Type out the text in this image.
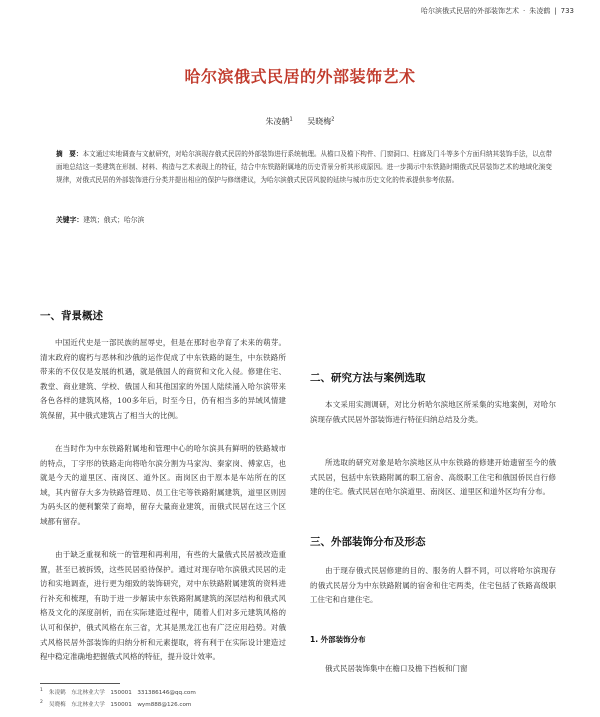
哈尔滨俄式民居的外部装饰艺术 · 朱凌鹤 | 733
哈尔滨俄式民居的外部装饰艺术
朱凌鹤$^1$ 吴晓梅$^2$
摘　要：本文通过实地调查与文献研究，对哈尔滨现存俄式民居的外部装饰进行系统梳理。从檐口及檐下构件、门窗洞口、柱廊及门斗等多个方面归纳其装饰手法，以点带面地总结这一类建筑在形制、材料、构造与艺术表现上的特征，结合中东铁路附属地的历史背景分析其形成原因。进一步揭示中东铁路时期俄式民居装饰艺术的地域化演变规律，对俄式民居的外部装饰进行分类并提出相应的保护与修缮建议，为哈尔滨俄式民居风貌的延续与城市历史文化的传承提供参考依据。
关键字：建筑；俄式；哈尔滨
一、背景概述

中国近代史是一部民族的屈辱史，但是在那时也孕育了未来的萌芽。清末政府的腐朽与恶林和沙俄的运作促成了中东铁路的诞生，中东铁路所带来的不仅仅是发展的机遇，就是俄国人的商贸和文化入侵。修建住宅、教堂、商业建筑、学校、俄国人和其他国家的外国人陆续涌入哈尔滨带来各色各样的建筑风格，100多年后，时至今日，仍有相当多的异域风情建筑保留，其中俄式建筑占了相当大的比例。

在当时作为中东铁路附属地和管理中心的哈尔滨具有鲜明的铁路城市的特点，丁字形的铁路走向将哈尔滨分割为马家沟、秦家岗、傅家店，也就是今天的道里区、南岗区、道外区。南岗区由于原本是车站所在的区域，其内留存大多为铁路管理局、员工住宅等铁路附属建筑，道里区则因为码头区的便利繁荣了商埠，留存大量商业建筑，而俄式民居在这三个区域都有留存。

由于缺乏重视和统一的管理和再利用，有些的大量俄式民居被改造重置，甚至已被拆毁，这些民居亟待保护。通过对现存哈尔滨俄式民居的走访和实地调查，进行更为细致的装饰研究，对中东铁路附属建筑的资料进行补充和梳理，有助于进一步解读中东铁路附属建筑的深层结构和俄式风格及文化的深度剖析，而在实际建造过程中，随着人们对多元建筑风格的认可和保护，俄式风格在东三省，尤其是黑龙江也有广泛应用趋势。对俄式风格民居外部装饰的归纳分析和元素提取，将有利于在实际设计建造过程中稳定准确地把握俄式风格的特征，提升设计效率。

二、研究方法与案例选取

本文采用实测调研，对比分析哈尔滨地区所采集的实地案例，对哈尔滨现存俄式民居外部装饰进行特征归纳总结及分类。

所选取的研究对象是哈尔滨地区从中东铁路的修建开始遗留至今的俄式民居，包括中东铁路附属的职工宿舍、高级职工住宅和俄国侨民自行修建的住宅。俄式民居在哈尔滨道里、南岗区、道里区和道外区均有分布。

三、外部装饰分布及形态

由于现存俄式民居修建的目的、服务的人群不同，可以将哈尔滨现存的俄式民居分为中东铁路附属的宿舍和住宅两类，住宅包括了铁路高级职工住宅和自建住宅。

1. 外部装饰分布

俄式民居装饰集中在檐口及檐下挡板和门窗

$^1$ 朱凌鹤　东北林业大学　150001　331386146@qq.com
$^2$ 吴晓梅　东北林业大学　150001　wym888@126.com
